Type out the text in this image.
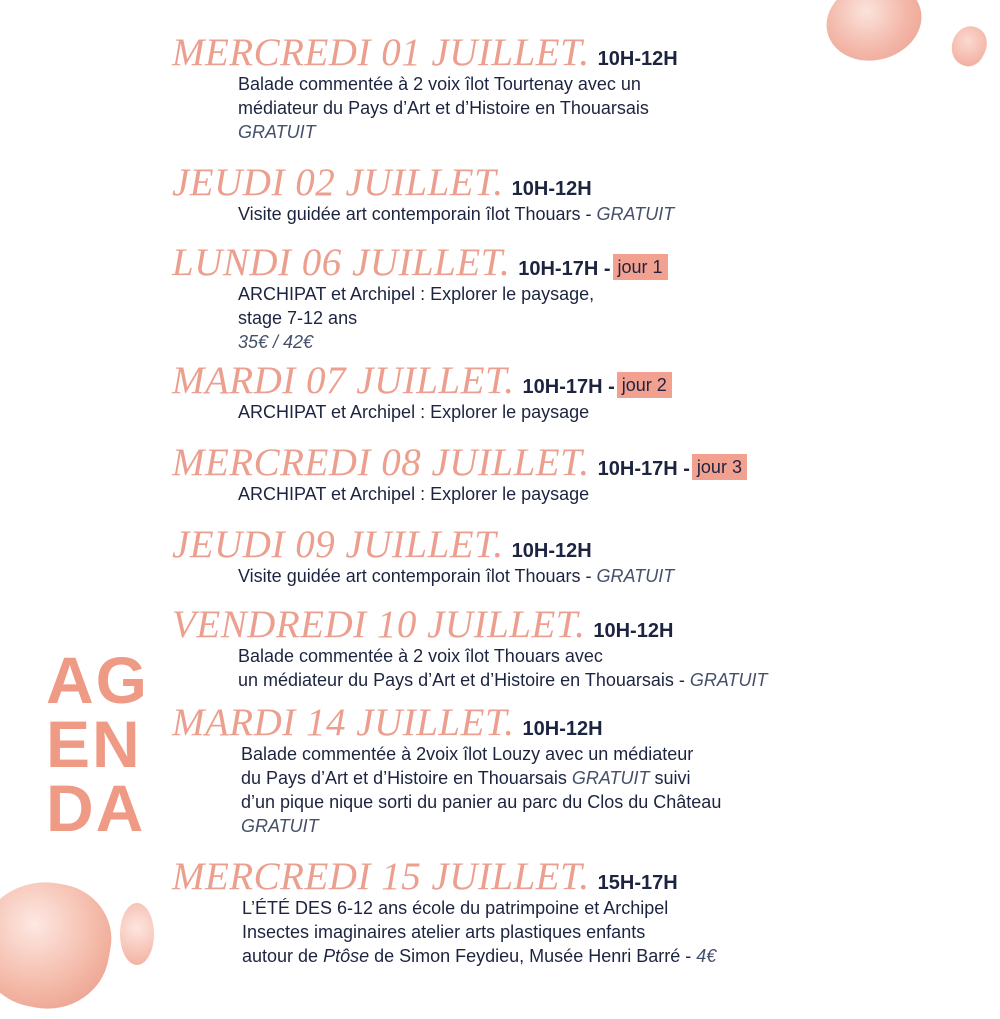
AG
EN
DA
MERCREDI 01 JUILLET. 10H-12H
Balade commentée à 2 voix îlot Tourtenay avec un
médiateur du Pays d’Art et d’Histoire en Thouarsais
GRATUIT
JEUDI 02 JUILLET. 10H-12H
Visite guidée art contemporain îlot Thouars - GRATUIT
LUNDI 06 JUILLET. 10H-17H - jour 1
ARCHIPAT et Archipel : Explorer le paysage,
stage 7-12 ans
35€ / 42€
MARDI 07 JUILLET. 10H-17H - jour 2
ARCHIPAT et Archipel : Explorer le paysage
MERCREDI 08 JUILLET. 10H-17H - jour 3
ARCHIPAT et Archipel : Explorer le paysage
JEUDI 09 JUILLET. 10H-12H
Visite guidée art contemporain îlot Thouars - GRATUIT
VENDREDI 10 JUILLET. 10H-12H
Balade commentée à 2 voix îlot Thouars avec
un médiateur du Pays d’Art et d’Histoire en Thouarsais - GRATUIT
MARDI 14 JUILLET. 10H-12H
Balade commentée à 2voix îlot Louzy avec un médiateur
du Pays d’Art et d’Histoire en Thouarsais GRATUIT suivi
d’un pique nique sorti du panier au parc du Clos du Château
GRATUIT
MERCREDI 15 JUILLET. 15H-17H
L’ÉTÉ DES 6-12 ans école du patrimpoine et Archipel
Insectes imaginaires atelier arts plastiques enfants
autour de Ptôse de Simon Feydieu, Musée Henri Barré - 4€
